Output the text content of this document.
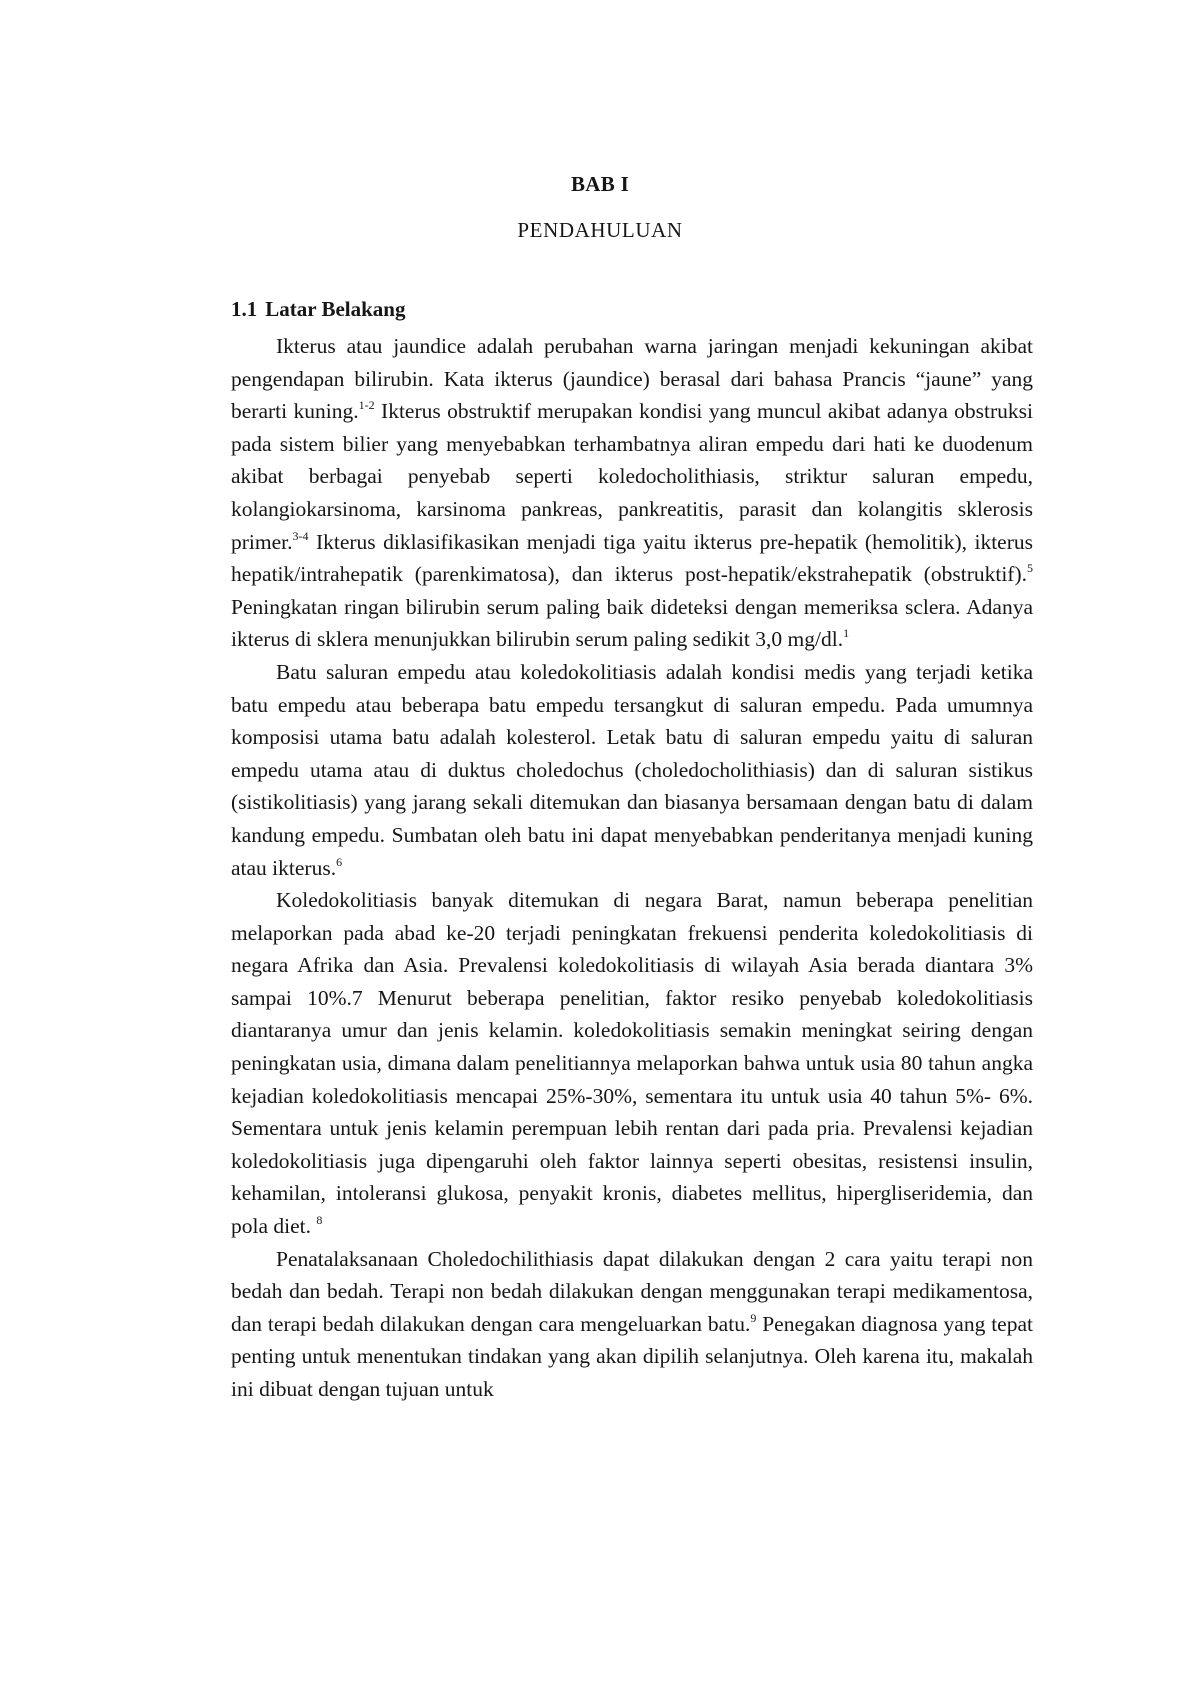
BAB I
PENDAHULUAN
1.1 Latar Belakang

Ikterus atau jaundice adalah perubahan warna jaringan menjadi kekuningan akibat pengendapan bilirubin. Kata ikterus (jaundice) berasal dari bahasa Prancis “jaune” yang berarti kuning.$^{1-2}$ Ikterus obstruktif merupakan kondisi yang muncul akibat adanya obstruksi pada sistem bilier yang menyebabkan terhambatnya aliran empedu dari hati ke duodenum akibat berbagai penyebab seperti koledocholithiasis, striktur saluran empedu, kolangiokarsinoma, karsinoma pankreas, pankreatitis, parasit dan kolangitis sklerosis primer.$^{3-4}$ Ikterus diklasifikasikan menjadi tiga yaitu ikterus pre-hepatik (hemolitik), ikterus hepatik/intrahepatik (parenkimatosa), dan ikterus post-hepatik/ekstrahepatik (obstruktif).$^5$ Peningkatan ringan bilirubin serum paling baik dideteksi dengan memeriksa sclera. Adanya ikterus di sklera menunjukkan bilirubin serum paling sedikit 3,0 mg/dl.$^1$

Batu saluran empedu atau koledokolitiasis adalah kondisi medis yang terjadi ketika batu empedu atau beberapa batu empedu tersangkut di saluran empedu. Pada umumnya komposisi utama batu adalah kolesterol. Letak batu di saluran empedu yaitu di saluran empedu utama atau di duktus choledochus (choledocholithiasis) dan di saluran sistikus (sistikolitiasis) yang jarang sekali ditemukan dan biasanya bersamaan dengan batu di dalam kandung empedu. Sumbatan oleh batu ini dapat menyebabkan penderitanya menjadi kuning atau ikterus.$^6$

Koledokolitiasis banyak ditemukan di negara Barat, namun beberapa penelitian melaporkan pada abad ke-20 terjadi peningkatan frekuensi penderita koledokolitiasis di negara Afrika dan Asia. Prevalensi koledokolitiasis di wilayah Asia berada diantara 3% sampai 10%.7 Menurut beberapa penelitian, faktor resiko penyebab koledokolitiasis diantaranya umur dan jenis kelamin. koledokolitiasis semakin meningkat seiring dengan peningkatan usia, dimana dalam penelitiannya melaporkan bahwa untuk usia 80 tahun angka kejadian koledokolitiasis mencapai 25%-30%, sementara itu untuk usia 40 tahun 5%- 6%. Sementara untuk jenis kelamin perempuan lebih rentan dari pada pria. Prevalensi kejadian koledokolitiasis juga dipengaruhi oleh faktor lainnya seperti obesitas, resistensi insulin, kehamilan, intoleransi glukosa, penyakit kronis, diabetes mellitus, hipergliseridemia, dan pola diet. $^8$

Penatalaksanaan Choledochilithiasis dapat dilakukan dengan 2 cara yaitu terapi non bedah dan bedah. Terapi non bedah dilakukan dengan menggunakan terapi medikamentosa, dan terapi bedah dilakukan dengan cara mengeluarkan batu.$^9$ Penegakan diagnosa yang tepat penting untuk menentukan tindakan yang akan dipilih selanjutnya. Oleh karena itu, makalah ini dibuat dengan tujuan untuk
